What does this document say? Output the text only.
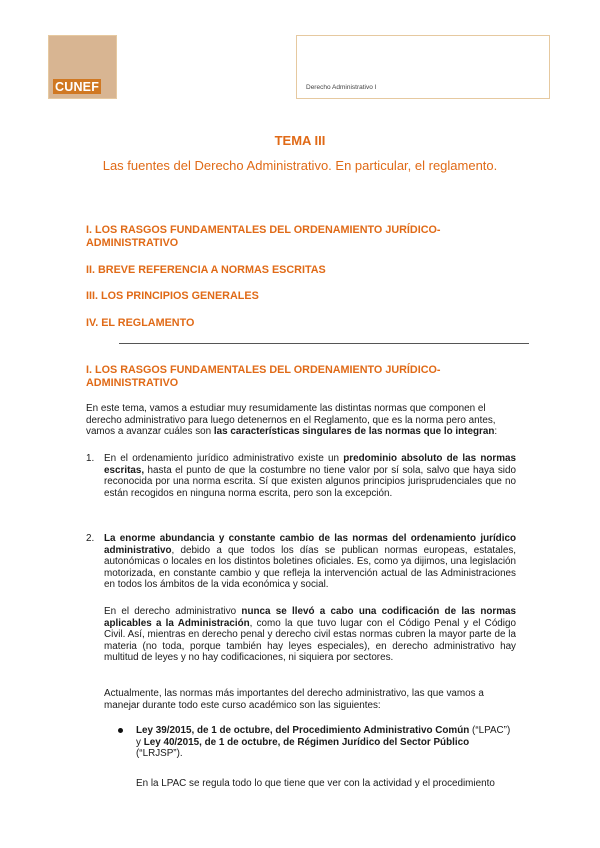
CUNEF	Derecho Administrativo I
TEMA III
Las fuentes del Derecho Administrativo. En particular, el reglamento.
I. LOS RASGOS FUNDAMENTALES DEL ORDENAMIENTO JURÍDICO-ADMINISTRATIVO
II. BREVE REFERENCIA A NORMAS ESCRITAS
III. LOS PRINCIPIOS GENERALES
IV. EL REGLAMENTO
I. LOS RASGOS FUNDAMENTALES DEL ORDENAMIENTO JURÍDICO-ADMINISTRATIVO

En este tema, vamos a estudiar muy resumidamente las distintas normas que componen el derecho administrativo para luego detenernos en el Reglamento, que es la norma pero antes, vamos a avanzar cuáles son las características singulares de las normas que lo integran:

1. En el ordenamiento jurídico administrativo existe un predominio absoluto de las normas escritas, hasta el punto de que la costumbre no tiene valor por sí sola, salvo que haya sido reconocida por una norma escrita. Sí que existen algunos principios jurisprudenciales que no están recogidos en ninguna norma escrita, pero son la excepción.

2. La enorme abundancia y constante cambio de las normas del ordenamiento jurídico administrativo, debido a que todos los días se publican normas europeas, estatales, autonómicas o locales en los distintos boletines oficiales. Es, como ya dijimos, una legislación motorizada, en constante cambio y que refleja la intervención actual de las Administraciones en todos los ámbitos de la vida económica y social.

En el derecho administrativo nunca se llevó a cabo una codificación de las normas aplicables a la Administración, como la que tuvo lugar con el Código Penal y el Código Civil. Así, mientras en derecho penal y derecho civil estas normas cubren la mayor parte de la materia (no toda, porque también hay leyes especiales), en derecho administrativo hay multitud de leyes y no hay codificaciones, ni siquiera por sectores.

Actualmente, las normas más importantes del derecho administrativo, las que vamos a manejar durante todo este curso académico son las siguientes:

Ley 39/2015, de 1 de octubre, del Procedimiento Administrativo Común (“LPAC”) y Ley 40/2015, de 1 de octubre, de Régimen Jurídico del Sector Público (“LRJSP”).

En la LPAC se regula todo lo que tiene que ver con la actividad y el procedimiento
